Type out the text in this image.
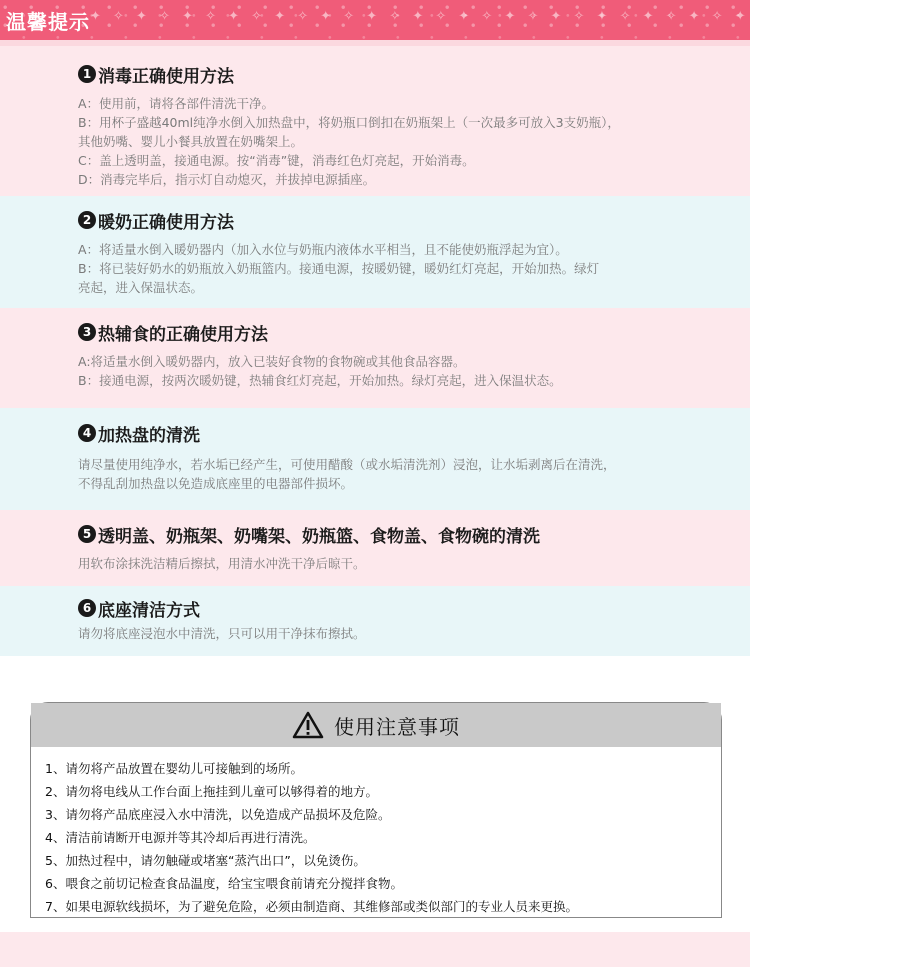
温馨提示 ✦ ✧ ✦ ✧ ✦ ✧ ✦ ✧ ✦ ✧ ✦ ✧ ✦ ✧ ✦ ✧ ✦ ✧ ✦ ✧ ✦ ✧ ✦ ✧ ✦ ✧ ✦ ✧ ✦ ✧ ✦ ✧ ✦ ✧ ✦ ✧
1 消毒正确使用方法

A：使用前，请将各部件清洗干净。

B：用杯子盛越40ml纯净水倒入加热盘中，将奶瓶口倒扣在奶瓶架上（一次最多可放入3支奶瓶），

其他奶嘴、婴儿小餐具放置在奶嘴架上。

C：盖上透明盖，接通电源。按“消毒”键，消毒红色灯亮起，开始消毒。

D：消毒完毕后，指示灯自动熄灭，并拔掉电源插座。

2 暖奶正确使用方法

A：将适量水倒入暖奶器内（加入水位与奶瓶内液体水平相当，且不能使奶瓶浮起为宜）。

B：将已装好奶水的奶瓶放入奶瓶篮内。接通电源，按暖奶键，暖奶红灯亮起，开始加热。绿灯

亮起，进入保温状态。

3 热辅食的正确使用方法

A:将适量水倒入暖奶器内，放入已装好食物的食物碗或其他食品容器。

B：接通电源，按两次暖奶键，热辅食红灯亮起，开始加热。绿灯亮起，进入保温状态。

4 加热盘的清洗

请尽量使用纯净水，若水垢已经产生，可使用醋酸（或水垢清洗剂）浸泡，让水垢剥离后在清洗，

不得乱刮加热盘以免造成底座里的电器部件损坏。

5 透明盖、奶瓶架、奶嘴架、奶瓶篮、食物盖、食物碗的清洗

用软布涂抹洗洁精后擦拭，用清水冲洗干净后晾干。

6 底座清洁方式

请勿将底座浸泡水中清洗，只可以用干净抹布擦拭。

使用注意事项
1、请勿将产品放置在婴幼儿可接触到的场所。
2、请勿将电线从工作台面上拖挂到儿童可以够得着的地方。
3、请勿将产品底座浸入水中清洗，以免造成产品损坏及危险。
4、清洁前请断开电源并等其冷却后再进行清洗。
5、加热过程中，请勿触碰或堵塞“蒸汽出口”，以免烫伤。
6、喂食之前切记检查食品温度，给宝宝喂食前请充分搅拌食物。
7、如果电源软线损坏，为了避免危险，必须由制造商、其维修部或类似部门的专业人员来更换。
